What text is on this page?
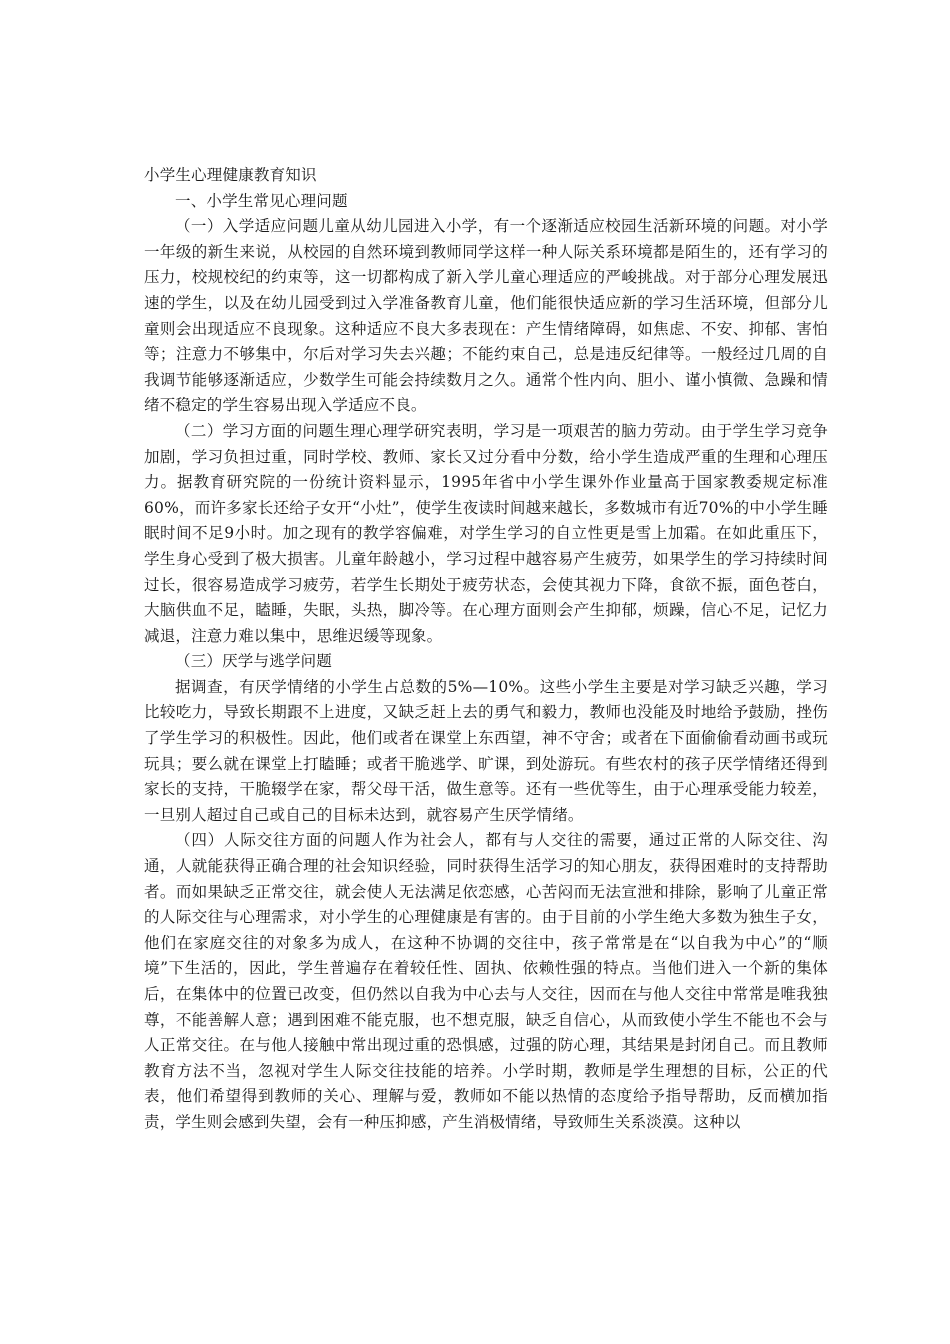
小学生心理健康教育知识

一、小学生常见心理问题

（一）入学适应问题儿童从幼儿园进入小学，有一个逐渐适应校园生活新环境的问题。对小学一年级的新生来说，从校园的自然环境到教师同学这样一种人际关系环境都是陌生的，还有学习的压力，校规校纪的约束等，这一切都构成了新入学儿童心理适应的严峻挑战。对于部分心理发展迅速的学生，以及在幼儿园受到过入学准备教育儿童，他们能很快适应新的学习生活环境，但部分儿童则会出现适应不良现象。这种适应不良大多表现在：产生情绪障碍，如焦虑、不安、抑郁、害怕等；注意力不够集中，尔后对学习失去兴趣；不能约束自己，总是违反纪律等。一般经过几周的自我调节能够逐渐适应，少数学生可能会持续数月之久。通常个性内向、胆小、谨小慎微、急躁和情绪不稳定的学生容易出现入学适应不良。

（二）学习方面的问题生理心理学研究表明，学习是一项艰苦的脑力劳动。由于学生学习竞争加剧，学习负担过重，同时学校、教师、家长又过分看中分数，给小学生造成严重的生理和心理压力。据教育研究院的一份统计资料显示，1995年省中小学生课外作业量高于国家教委规定标准60%，而许多家长还给子女开“小灶”，使学生夜读时间越来越长，多数城市有近70%的中小学生睡眠时间不足9小时。加之现有的教学容偏难，对学生学习的自立性更是雪上加霜。在如此重压下，学生身心受到了极大损害。儿童年龄越小，学习过程中越容易产生疲劳，如果学生的学习持续时间过长，很容易造成学习疲劳，若学生长期处于疲劳状态，会使其视力下降，食欲不振，面色苍白，大脑供血不足，瞌睡，失眠，头热，脚冷等。在心理方面则会产生抑郁，烦躁，信心不足，记忆力减退，注意力难以集中，思维迟缓等现象。

（三）厌学与逃学问题

据调查，有厌学情绪的小学生占总数的5%—10%。这些小学生主要是对学习缺乏兴趣，学习比较吃力，导致长期跟不上进度，又缺乏赶上去的勇气和毅力，教师也没能及时地给予鼓励，挫伤了学生学习的积极性。因此，他们或者在课堂上东西望，神不守舍；或者在下面偷偷看动画书或玩玩具；要么就在课堂上打瞌睡；或者干脆逃学、旷课，到处游玩。有些农村的孩子厌学情绪还得到家长的支持，干脆辍学在家，帮父母干活，做生意等。还有一些优等生，由于心理承受能力较差，一旦别人超过自己或自己的目标未达到，就容易产生厌学情绪。

（四）人际交往方面的问题人作为社会人，都有与人交往的需要，通过正常的人际交往、沟通，人就能获得正确合理的社会知识经验，同时获得生活学习的知心朋友，获得困难时的支持帮助者。而如果缺乏正常交往，就会使人无法满足依恋感，心苦闷而无法宣泄和排除，影响了儿童正常的人际交往与心理需求，对小学生的心理健康是有害的。由于目前的小学生绝大多数为独生子女，他们在家庭交往的对象多为成人，在这种不协调的交往中，孩子常常是在“以自我为中心”的“顺境”下生活的，因此，学生普遍存在着较任性、固执、依赖性强的特点。当他们进入一个新的集体后，在集体中的位置已改变，但仍然以自我为中心去与人交往，因而在与他人交往中常常是唯我独尊，不能善解人意；遇到困难不能克服，也不想克服，缺乏自信心，从而致使小学生不能也不会与人正常交往。在与他人接触中常出现过重的恐惧感，过强的防心理，其结果是封闭自己。而且教师教育方法不当，忽视对学生人际交往技能的培养。小学时期，教师是学生理想的目标，公正的代表，他们希望得到教师的关心、理解与爱，教师如不能以热情的态度给予指导帮助，反而横加指责，学生则会感到失望，会有一种压抑感，产生消极情绪，导致师生关系淡漠。这种以
